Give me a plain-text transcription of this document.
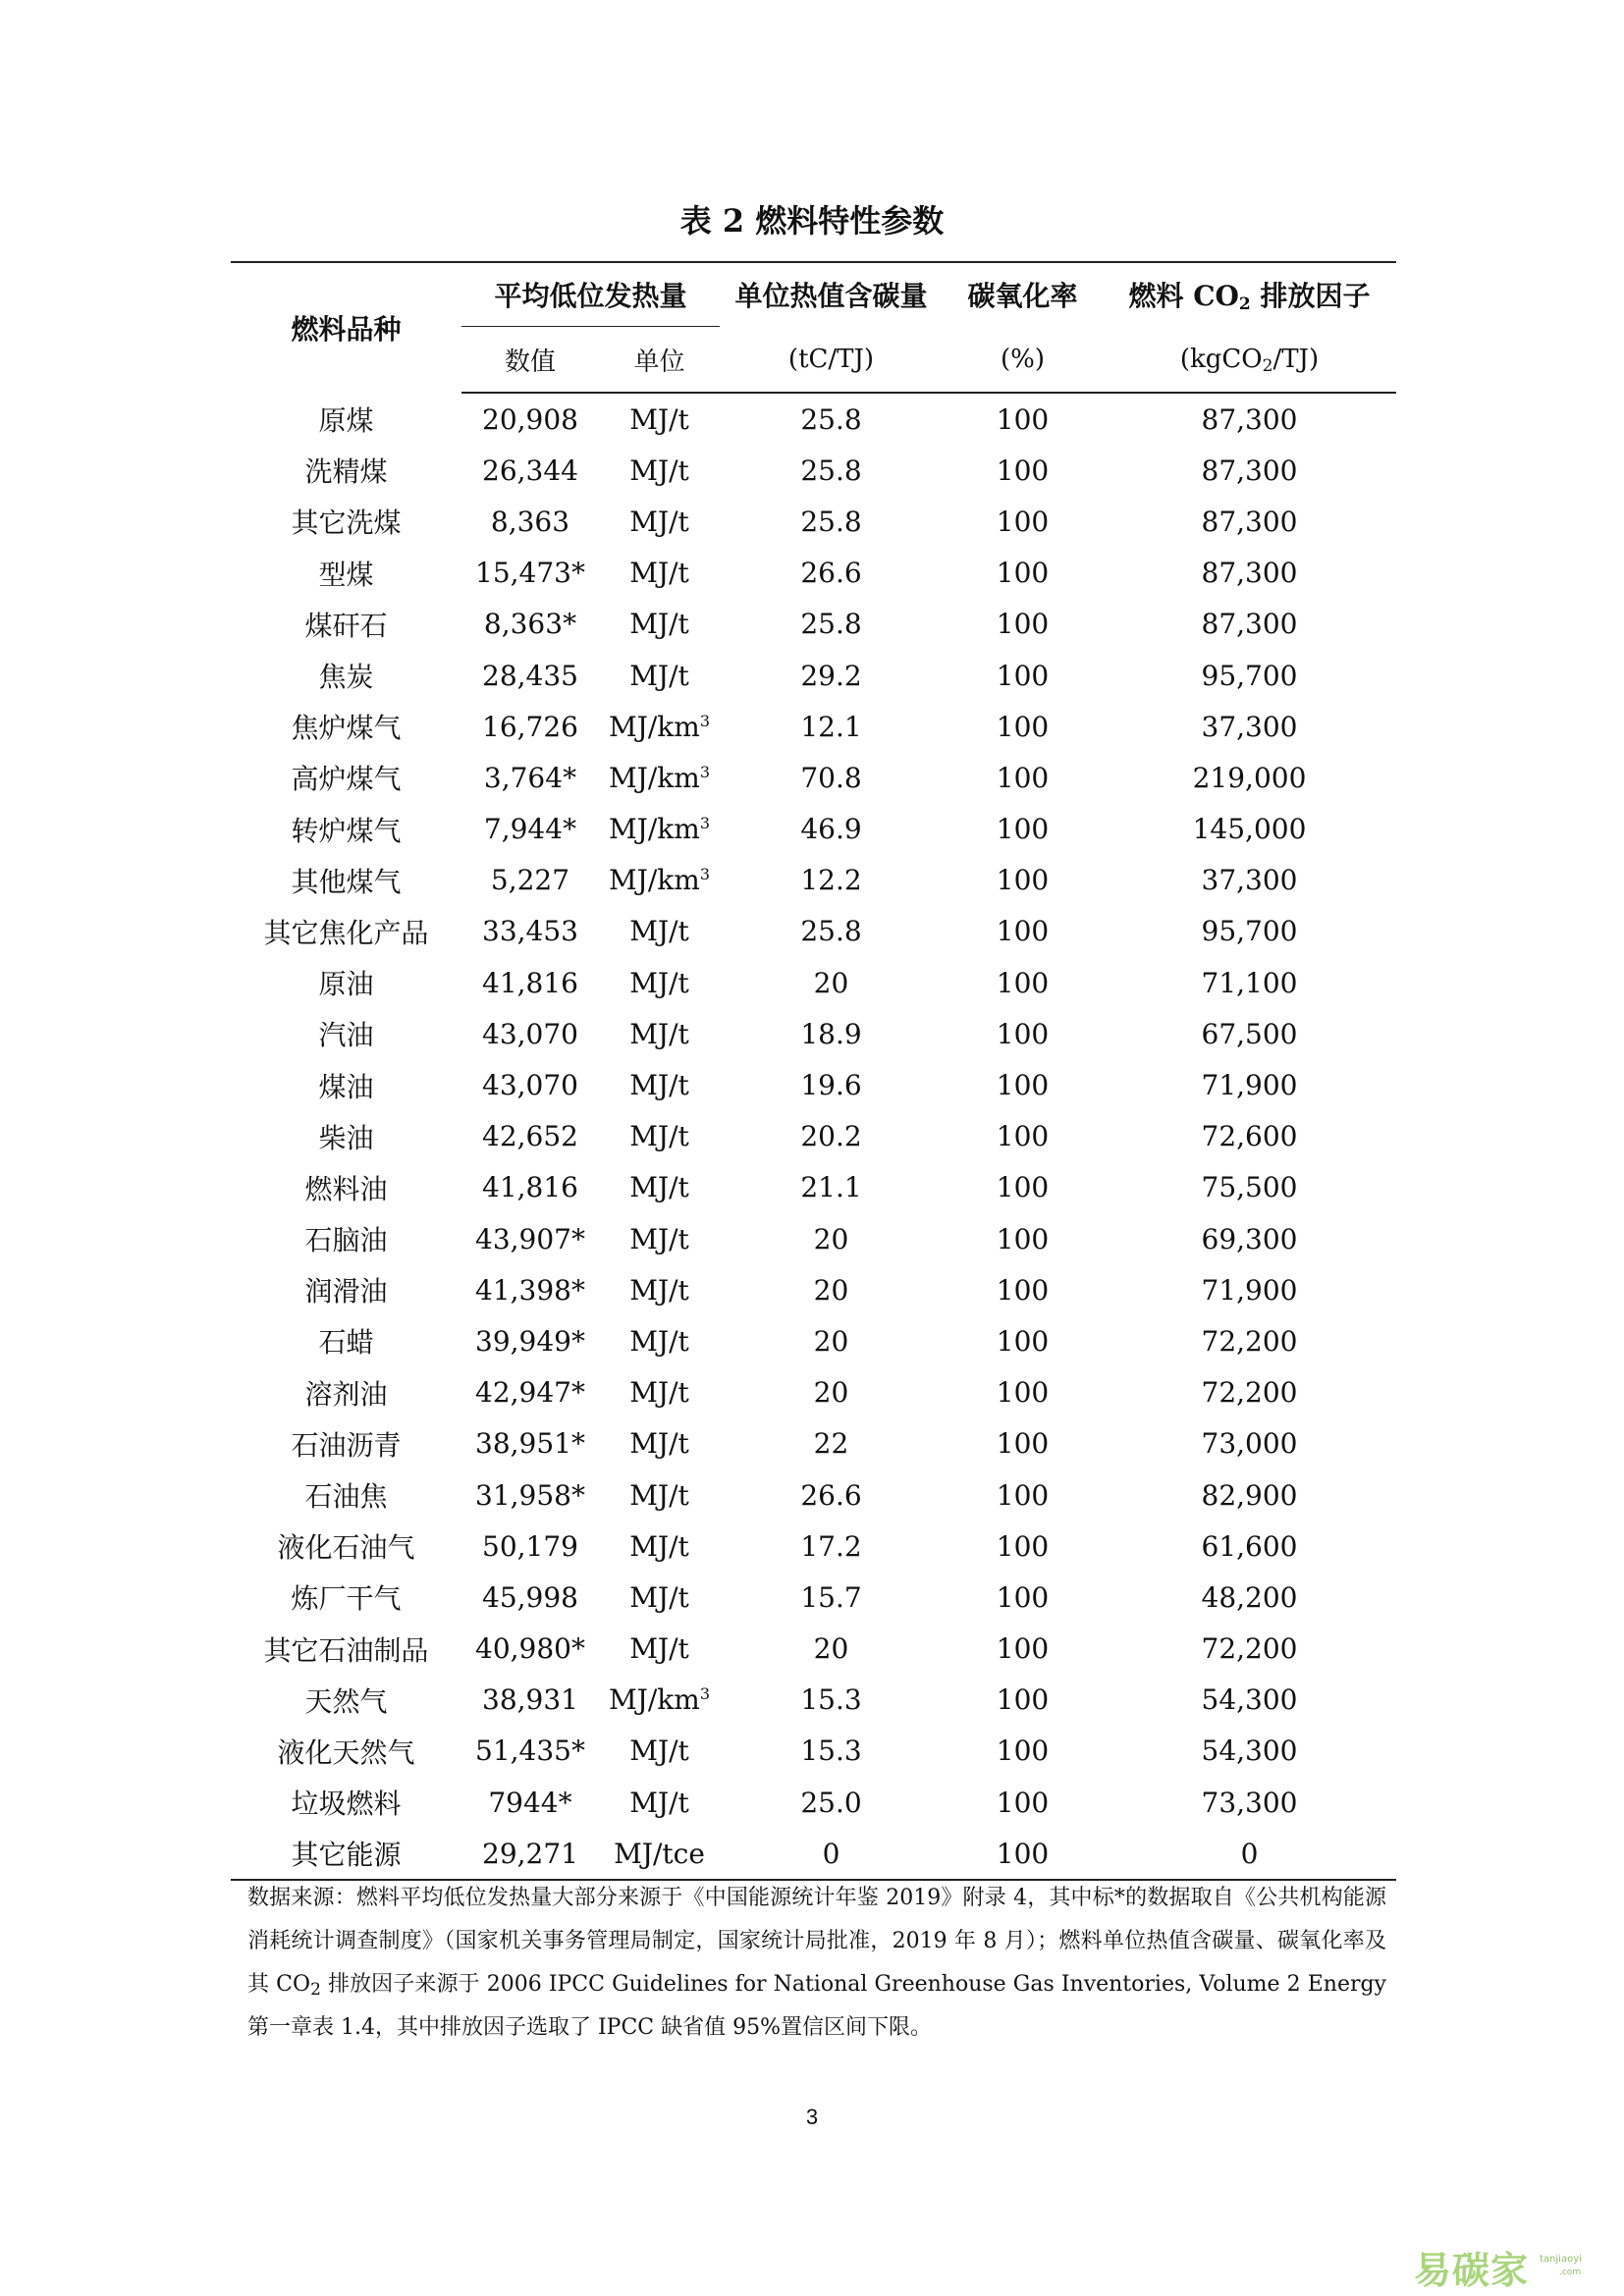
表 2 燃料特性参数
燃料品种	平均低位发热量		单位热值含碳量	碳氧化率	燃料 $CO_2$ 排放因子
	数值	单位	(tC/TJ)	(%)	(kgCO$_2$/TJ)
原煤	20,908	MJ/t	25.8	100	87,300
洗精煤	26,344	MJ/t	25.8	100	87,300
其它洗煤	8,363	MJ/t	25.8	100	87,300
型煤	15,473*	MJ/t	26.6	100	87,300
煤矸石	8,363*	MJ/t	25.8	100	87,300
焦炭	28,435	MJ/t	29.2	100	95,700
焦炉煤气	16,726	$MJ/km^3$	12.1	100	37,300
高炉煤气	3,764*	$MJ/km^3$	70.8	100	219,000
转炉煤气	7,944*	$MJ/km^3$	46.9	100	145,000
其他煤气	5,227	$MJ/km^3$	12.2	100	37,300
其它焦化产品	33,453	MJ/t	25.8	100	95,700
原油	41,816	MJ/t	20	100	71,100
汽油	43,070	MJ/t	18.9	100	67,500
煤油	43,070	MJ/t	19.6	100	71,900
柴油	42,652	MJ/t	20.2	100	72,600
燃料油	41,816	MJ/t	21.1	100	75,500
石脑油	43,907*	MJ/t	20	100	69,300
润滑油	41,398*	MJ/t	20	100	71,900
石蜡	39,949*	MJ/t	20	100	72,200
溶剂油	42,947*	MJ/t	20	100	72,200
石油沥青	38,951*	MJ/t	22	100	73,000
石油焦	31,958*	MJ/t	26.6	100	82,900
液化石油气	50,179	MJ/t	17.2	100	61,600
炼厂干气	45,998	MJ/t	15.7	100	48,200
其它石油制品	40,980*	MJ/t	20	100	72,200
天然气	38,931	$MJ/km^3$	15.3	100	54,300
液化天然气	51,435*	MJ/t	15.3	100	54,300
垃圾燃料	7944*	MJ/t	25.0	100	73,300
其它能源	29,271	MJ/tce	0	100	0
数据来源：燃料平均低位发热量大部分来源于《中国能源统计年鉴 2019》附录 4，其中标*的数据取自《公共机构能源消耗统计调查制度》（国家机关事务管理局制定，国家统计局批准，2019 年 8 月）；燃料单位热值含碳量、碳氧化率及其 $CO_2$ 排放因子来源于 2006 IPCC Guidelines for National Greenhouse Gas Inventories, Volume 2 Energy 第一章表 1.4，其中排放因子选取了 IPCC 缺省值 95%置信区间下限。
3
易碳家 tanjiaoyi
.com
